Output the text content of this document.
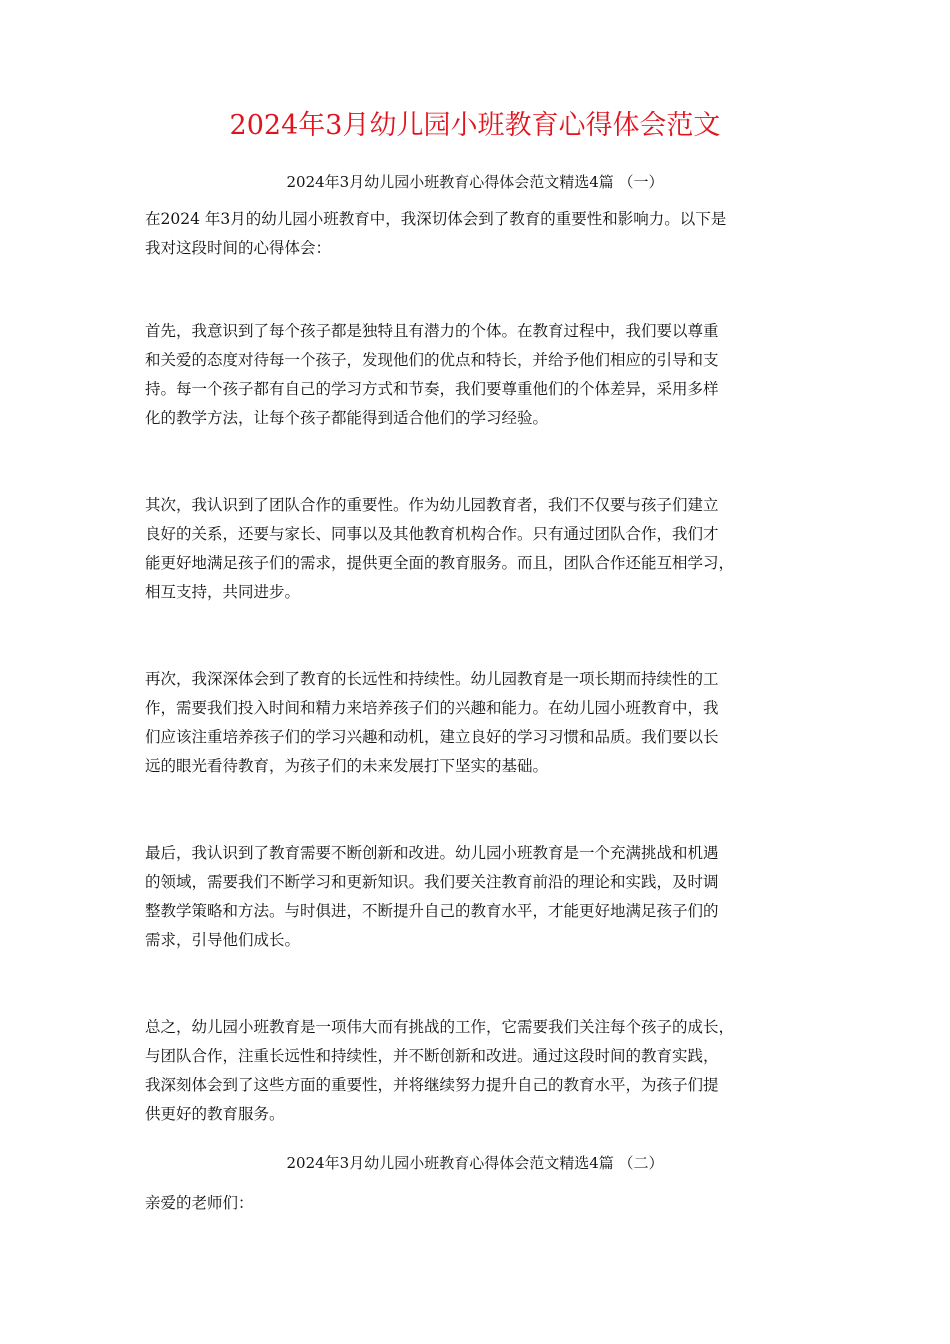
2024年3月幼儿园小班教育心得体会范文
2024年3月幼儿园小班教育心得体会范文精选4篇 （一）
在2024 年3月的幼儿园小班教育中，我深切体会到了教育的重要性和影响力。以下是
我对这段时间的心得体会：
首先，我意识到了每个孩子都是独特且有潜力的个体。在教育过程中，我们要以尊重
和关爱的态度对待每一个孩子，发现他们的优点和特长，并给予他们相应的引导和支
持。每一个孩子都有自己的学习方式和节奏，我们要尊重他们的个体差异，采用多样
化的教学方法，让每个孩子都能得到适合他们的学习经验。
其次，我认识到了团队合作的重要性。作为幼儿园教育者，我们不仅要与孩子们建立
良好的关系，还要与家长、同事以及其他教育机构合作。只有通过团队合作，我们才
能更好地满足孩子们的需求，提供更全面的教育服务。而且，团队合作还能互相学习，
相互支持，共同进步。
再次，我深深体会到了教育的长远性和持续性。幼儿园教育是一项长期而持续性的工
作，需要我们投入时间和精力来培养孩子们的兴趣和能力。在幼儿园小班教育中，我
们应该注重培养孩子们的学习兴趣和动机，建立良好的学习习惯和品质。我们要以长
远的眼光看待教育，为孩子们的未来发展打下坚实的基础。
最后，我认识到了教育需要不断创新和改进。幼儿园小班教育是一个充满挑战和机遇
的领域，需要我们不断学习和更新知识。我们要关注教育前沿的理论和实践，及时调
整教学策略和方法。与时俱进，不断提升自己的教育水平，才能更好地满足孩子们的
需求，引导他们成长。
总之，幼儿园小班教育是一项伟大而有挑战的工作，它需要我们关注每个孩子的成长，
与团队合作，注重长远性和持续性，并不断创新和改进。通过这段时间的教育实践，
我深刻体会到了这些方面的重要性，并将继续努力提升自己的教育水平，为孩子们提
供更好的教育服务。
2024年3月幼儿园小班教育心得体会范文精选4篇 （二）
亲爱的老师们：
